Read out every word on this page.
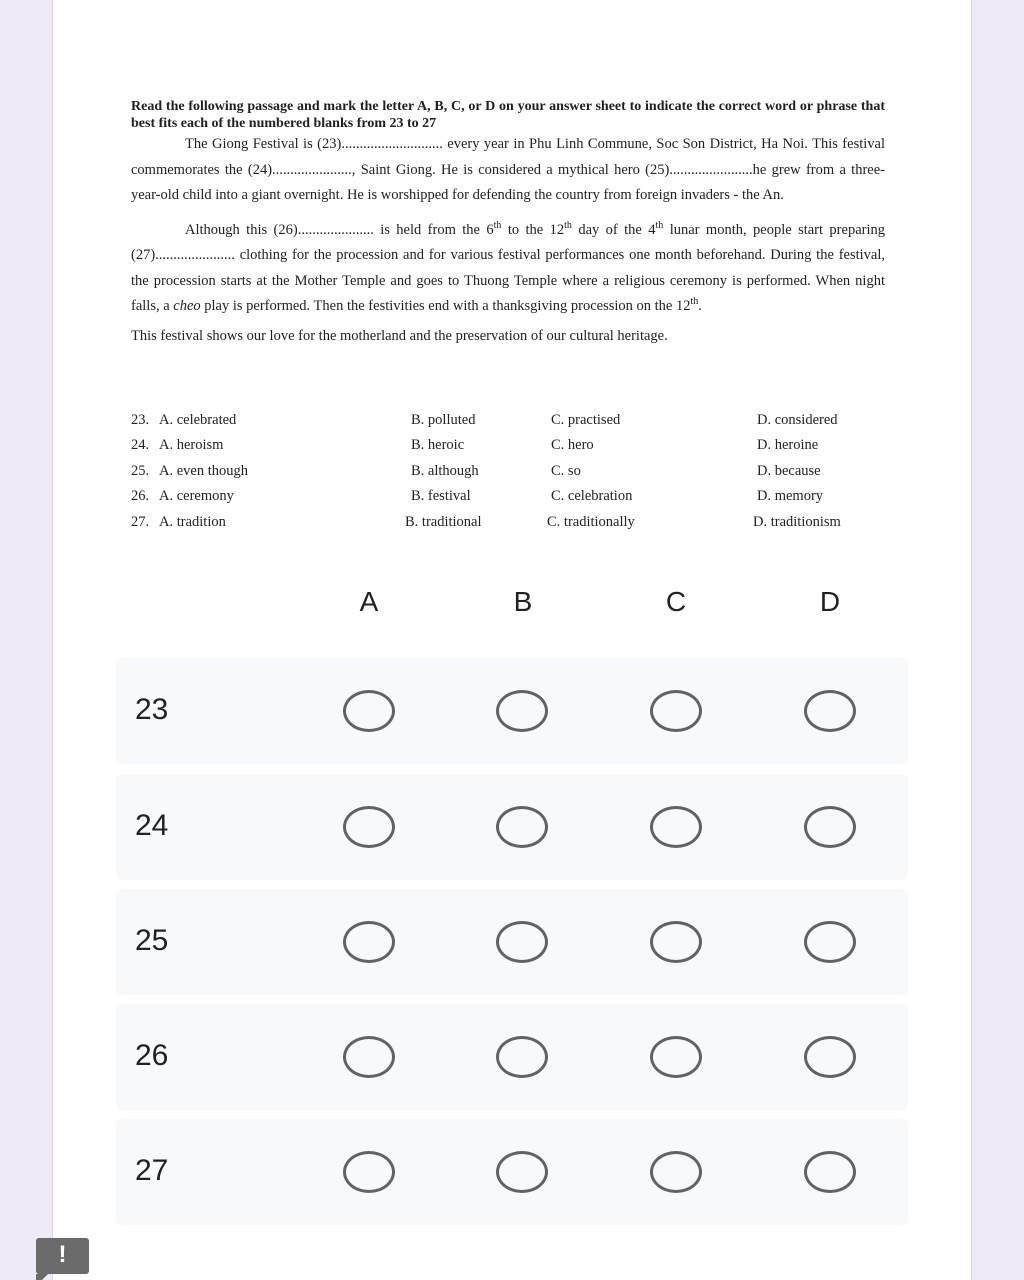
Read the following passage and mark the letter A, B, C, or D on your answer sheet to indicate the correct word or phrase that best fits each of the numbered blanks from 23 to 27

The Giong Festival is (23)............................ every year in Phu Linh Commune, Soc Son District, Ha Noi. This festival commemorates the (24)......................, Saint Giong. He is considered a mythical hero (25).......................he grew from a three-year-old child into a giant overnight. He is worshipped for defending the country from foreign invaders - the An.

Although this (26)..................... is held from the 6th to the 12th day of the 4th lunar month, people start preparing (27)...................... clothing for the procession and for various festival performances one month beforehand. During the festival, the procession starts at the Mother Temple and goes to Thuong Temple where a religious ceremony is performed. When night falls, a cheo play is performed. Then the festivities end with a thanksgiving procession on the 12th.

This festival shows our love for the motherland and the preservation of our cultural heritage.

23. A. celebrated	B. polluted	C. practised	D. considered
24. A. heroism	B. heroic	C. hero	D. heroine
25. A. even though	B. although	C. so	D. because
26. A. ceremony	B. festival	C. celebration	D. memory
27. A. tradition	B. traditional	C. traditionally	D. traditionism
A	B	C	D
23
24
25
26
27
!
